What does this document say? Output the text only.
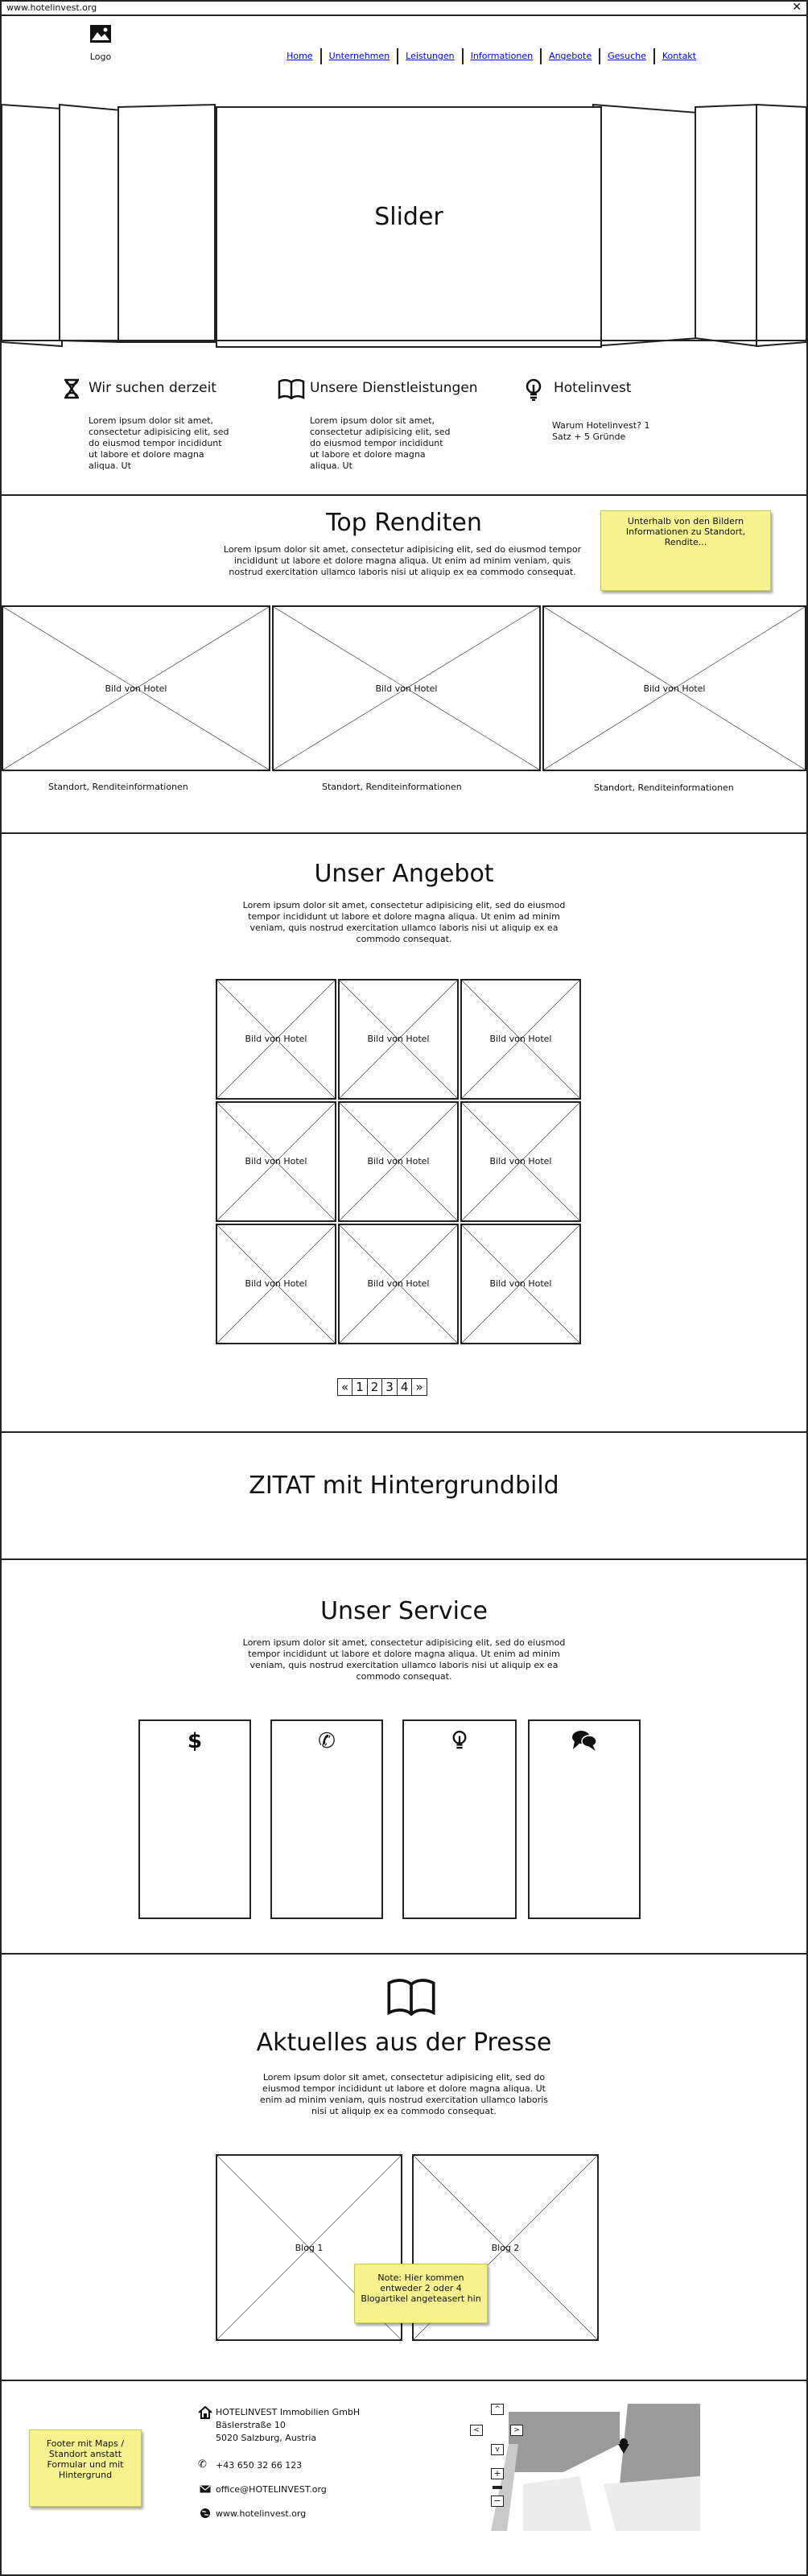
www.hotelinvest.org	✕
Logo	Home	Unternehmen	Leistungen	Informationen	Angebote	Gesuche	Kontakt
Slider
Wir suchen derzeit
Lorem ipsum dolor sit amet, consectetur adipisicing elit, sed do eiusmod tempor incididunt ut labore et dolore magna aliqua. Ut
Unsere Dienstleistungen
Lorem ipsum dolor sit amet, consectetur adipisicing elit, sed do eiusmod tempor incididunt ut labore et dolore magna aliqua. Ut
Hotelinvest
Warum Hotelinvest? 1 Satz + 5 Gründe
Top Renditen
Lorem ipsum dolor sit amet, consectetur adipisicing elit, sed do eiusmod tempor incididunt ut labore et dolore magna aliqua. Ut enim ad minim veniam, quis nostrud exercitation ullamco laboris nisi ut aliquip ex ea commodo consequat.
Unterhalb von den Bildern Informationen zu Standort, Rendite...
Bild von Hotel	Bild von Hotel	Bild von Hotel
Standort, Renditeinformationen	Standort, Renditeinformationen	Standort, Renditeinformationen
Unser Angebot
Lorem ipsum dolor sit amet, consectetur adipisicing elit, sed do eiusmod tempor incididunt ut labore et dolore magna aliqua. Ut enim ad minim veniam, quis nostrud exercitation ullamco laboris nisi ut aliquip ex ea commodo consequat.
Bild von Hotel	Bild von Hotel	Bild von Hotel
Bild von Hotel	Bild von Hotel	Bild von Hotel
Bild von Hotel	Bild von Hotel	Bild von Hotel
« 1 2 3 4 »
ZITAT mit Hintergrundbild
Unser Service
Lorem ipsum dolor sit amet, consectetur adipisicing elit, sed do eiusmod tempor incididunt ut labore et dolore magna aliqua. Ut enim ad minim veniam, quis nostrud exercitation ullamco laboris nisi ut aliquip ex ea commodo consequat.
$	✆
Aktuelles aus der Presse
Lorem ipsum dolor sit amet, consectetur adipisicing elit, sed do eiusmod tempor incididunt ut labore et dolore magna aliqua. Ut enim ad minim veniam, quis nostrud exercitation ullamco laboris nisi ut aliquip ex ea commodo consequat.
Blog 1	Blog 2
Note: Hier kommen entweder 2 oder 4 Blogartikel angeteasert hin
Footer mit Maps / Standort anstatt Formular und mit Hintergrund
HOTELINVEST Immobilien GmbH
Bäslerstraße 10
5020 Salzburg, Austria
✆ +43 650 32 66 123
office@HOTELINVEST.org
www.hotelinvest.org
^
<	>
v
+
−
